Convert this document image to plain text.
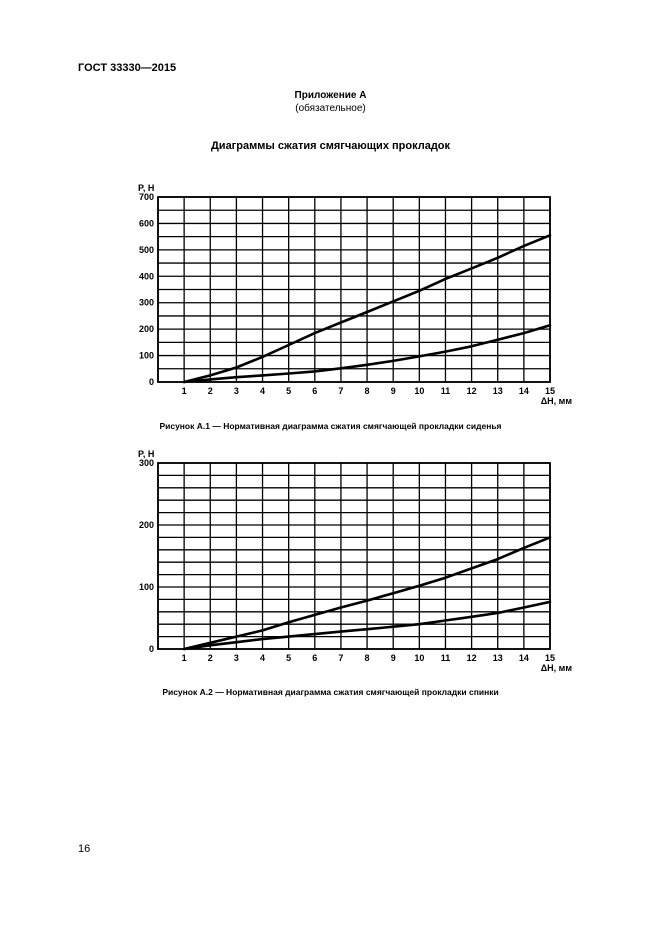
ГОСТ 33330—2015
Приложение А
(обязательное)
Диаграммы сжатия смягчающих прокладок
0
100
200
300
400
500
600
700
1 2 3 4 5 6 7 8 9 10 11 12 13 14 15
P, Н
ΔH, мм
Рисунок А.1 — Нормативная диаграмма сжатия смягчающей прокладки сиденья
0
100
200
300
1 2 3 4 5 6 7 8 9 10 11 12 13 14 15
P, Н
ΔH, мм
Рисунок А.2 — Нормативная диаграмма сжатия смягчающей прокладки спинки
16
